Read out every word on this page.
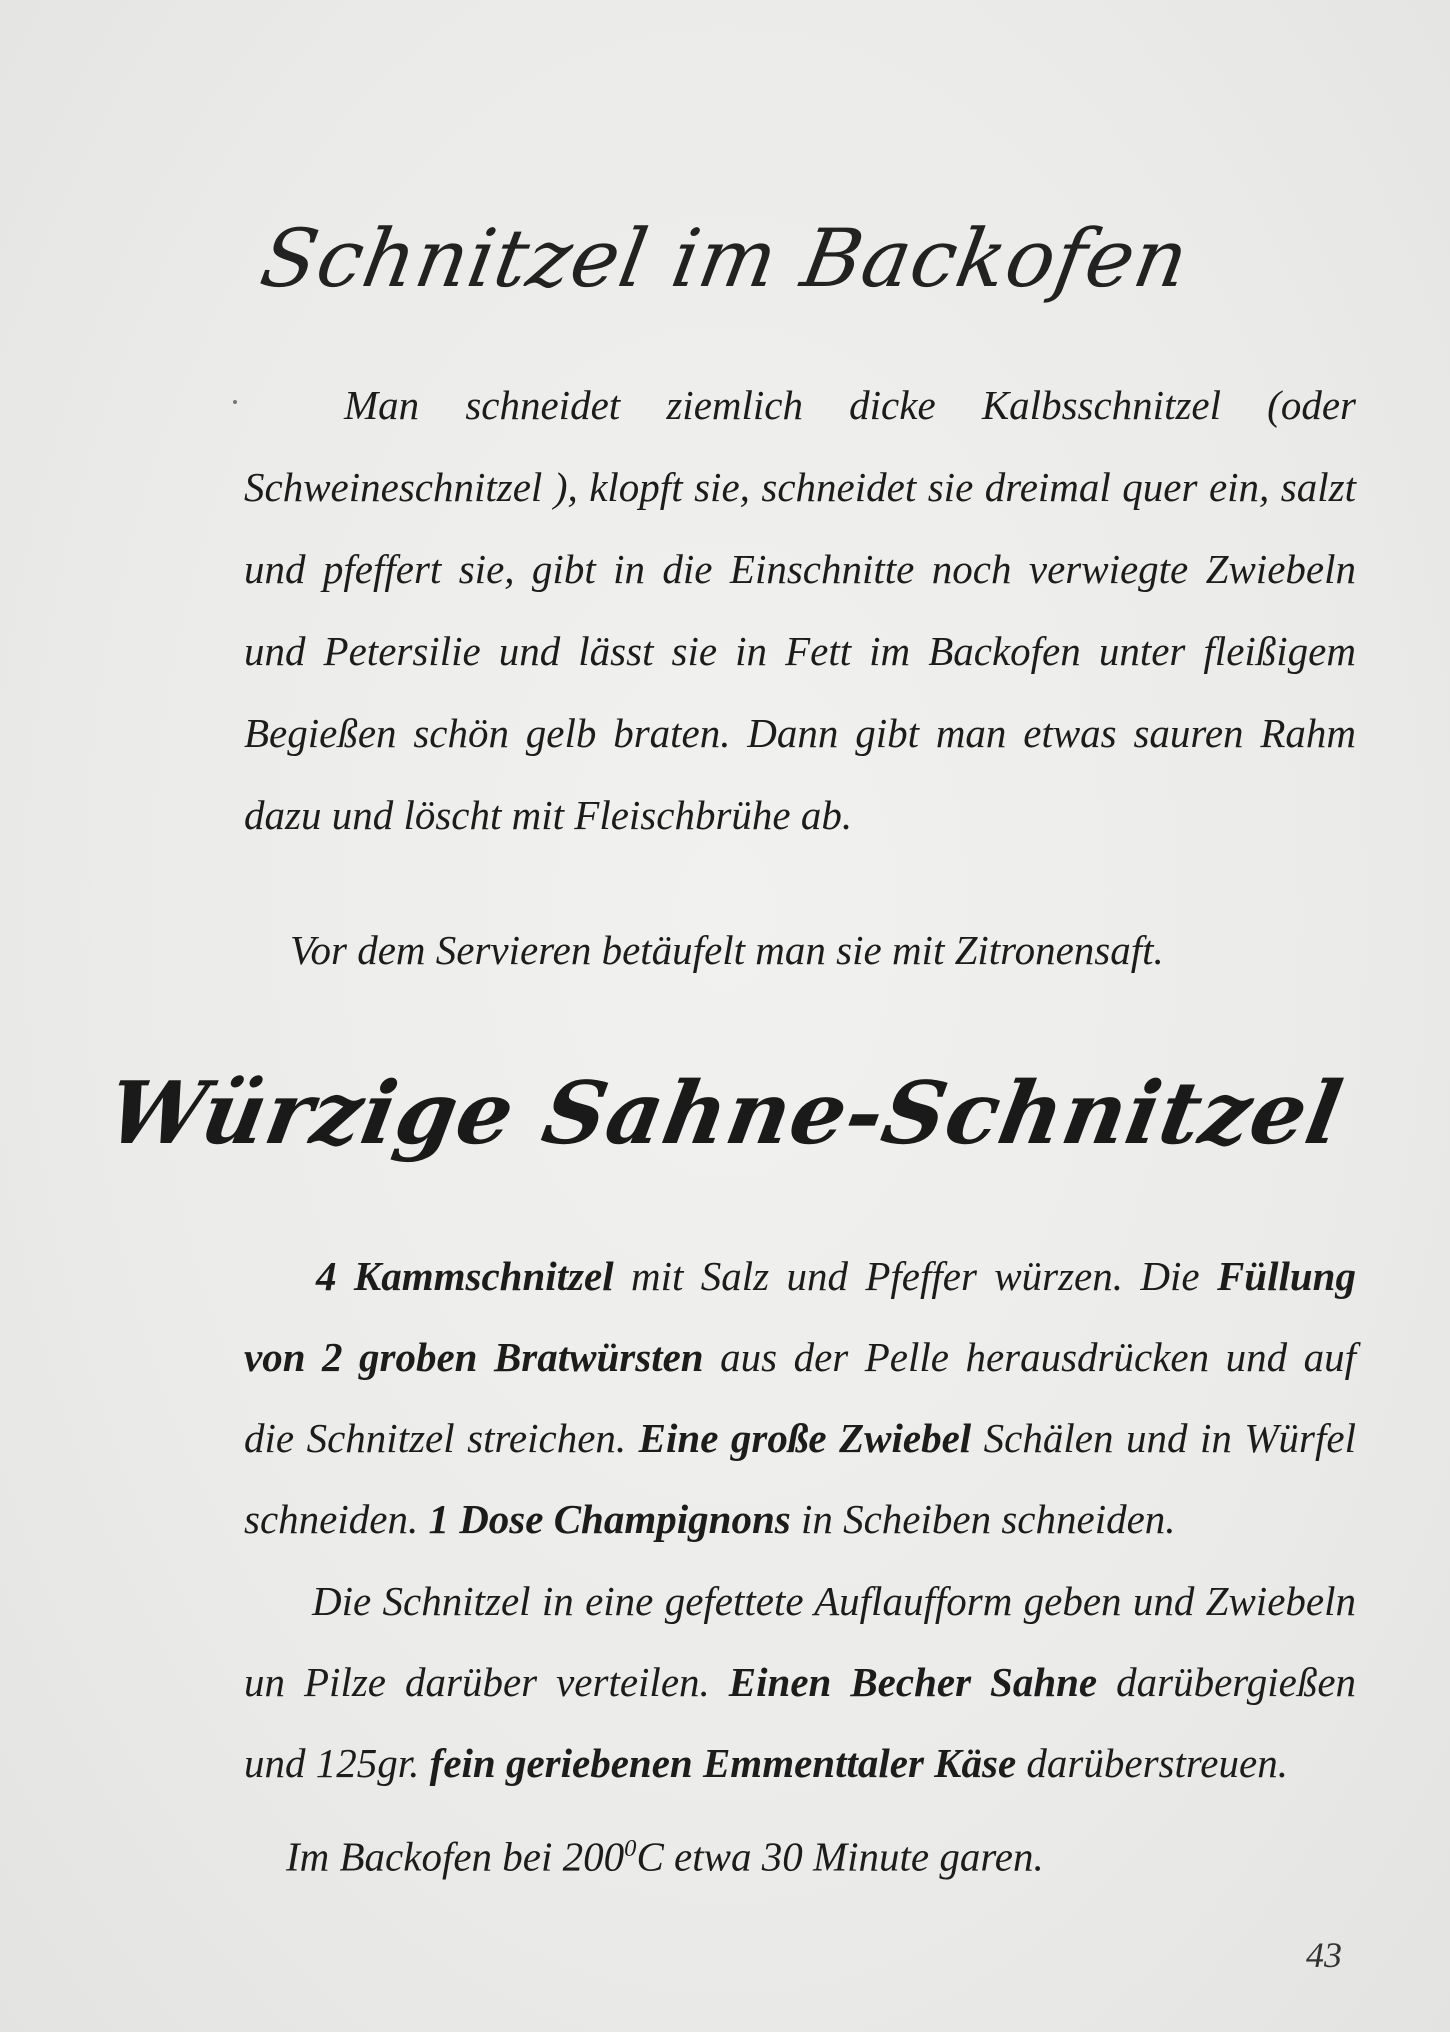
Schnitzel im Backofen

Man schneidet ziemlich dicke Kalbsschnitzel (oder Schweineschnitzel ), klopft sie, schneidet sie dreimal quer ein, salzt und pfeffert sie, gibt in die Einschnitte noch verwiegte Zwiebeln und Petersilie und lässt sie in Fett im Backofen unter fleißigem Begießen schön gelb braten. Dann gibt man etwas sauren Rahm dazu und löscht mit Fleischbrühe ab.

Vor dem Servieren betäufelt man sie mit Zitronensaft.

Würzige Sahne-Schnitzel

4 Kammschnitzel mit Salz und Pfeffer würzen. Die Füllung von 2 groben Bratwürsten aus der Pelle herausdrücken und auf die Schnitzel streichen. Eine große Zwiebel Schälen und in Würfel schneiden. 1 Dose Champignons in Scheiben schneiden.

Die Schnitzel in eine gefettete Auflaufform geben und Zwiebeln un Pilze darüber verteilen. Einen Becher Sahne darübergießen und 125gr. fein geriebenen Emmenttaler Käse darüberstreuen.

Im Backofen bei $200^0C$ etwa 30 Minute garen.

43
